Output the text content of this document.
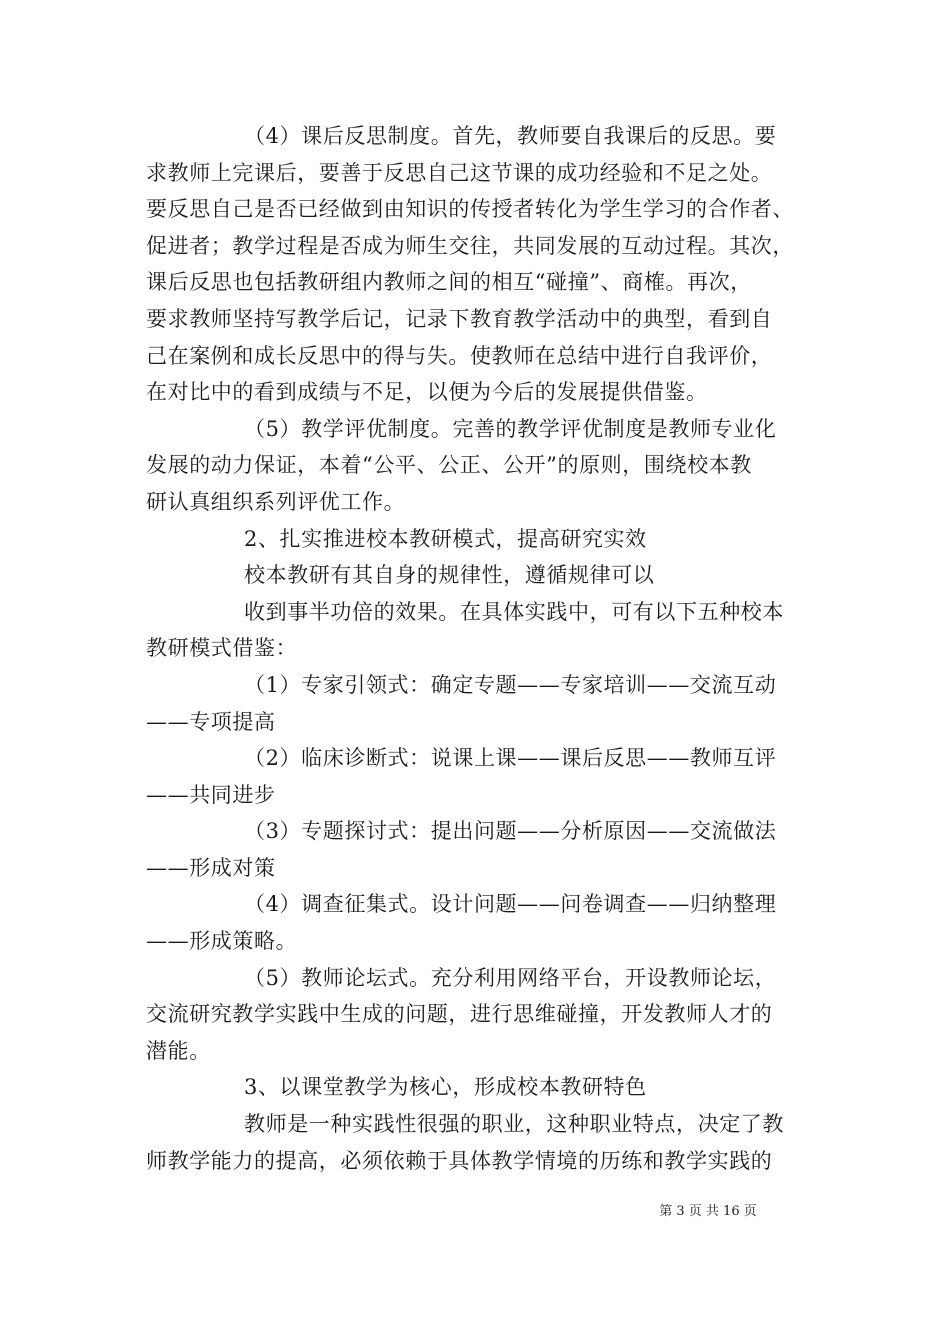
（4）课后反思制度。首先，教师要自我课后的反思。要
求教师上完课后，要善于反思自己这节课的成功经验和不足之处。
要反思自己是否已经做到由知识的传授者转化为学生学习的合作者、
促进者；教学过程是否成为师生交往，共同发展的互动过程。其次，
课后反思也包括教研组内教师之间的相互“碰撞”、商榷。再次，
要求教师坚持写教学后记，记录下教育教学活动中的典型，看到自
己在案例和成长反思中的得与失。使教师在总结中进行自我评价，
在对比中的看到成绩与不足，以便为今后的发展提供借鉴。
（5）教学评优制度。完善的教学评优制度是教师专业化
发展的动力保证，本着“公平、公正、公开”的原则，围绕校本教
研认真组织系列评优工作。
2、扎实推进校本教研模式，提高研究实效
校本教研有其自身的规律性，遵循规律可以
收到事半功倍的效果。在具体实践中，可有以下五种校本
教研模式借鉴：
（1）专家引领式：确定专题——专家培训——交流互动
——专项提高
（2）临床诊断式：说课上课——课后反思——教师互评
——共同进步
（3）专题探讨式：提出问题——分析原因——交流做法
——形成对策
（4）调查征集式。设计问题——问卷调查——归纳整理
——形成策略。
（5）教师论坛式。充分利用网络平台，开设教师论坛，
交流研究教学实践中生成的问题，进行思维碰撞，开发教师人才的
潜能。
3、以课堂教学为核心，形成校本教研特色
教师是一种实践性很强的职业，这种职业特点，决定了教
师教学能力的提高，必须依赖于具体教学情境的历练和教学实践的
第 3 页 共 16 页
